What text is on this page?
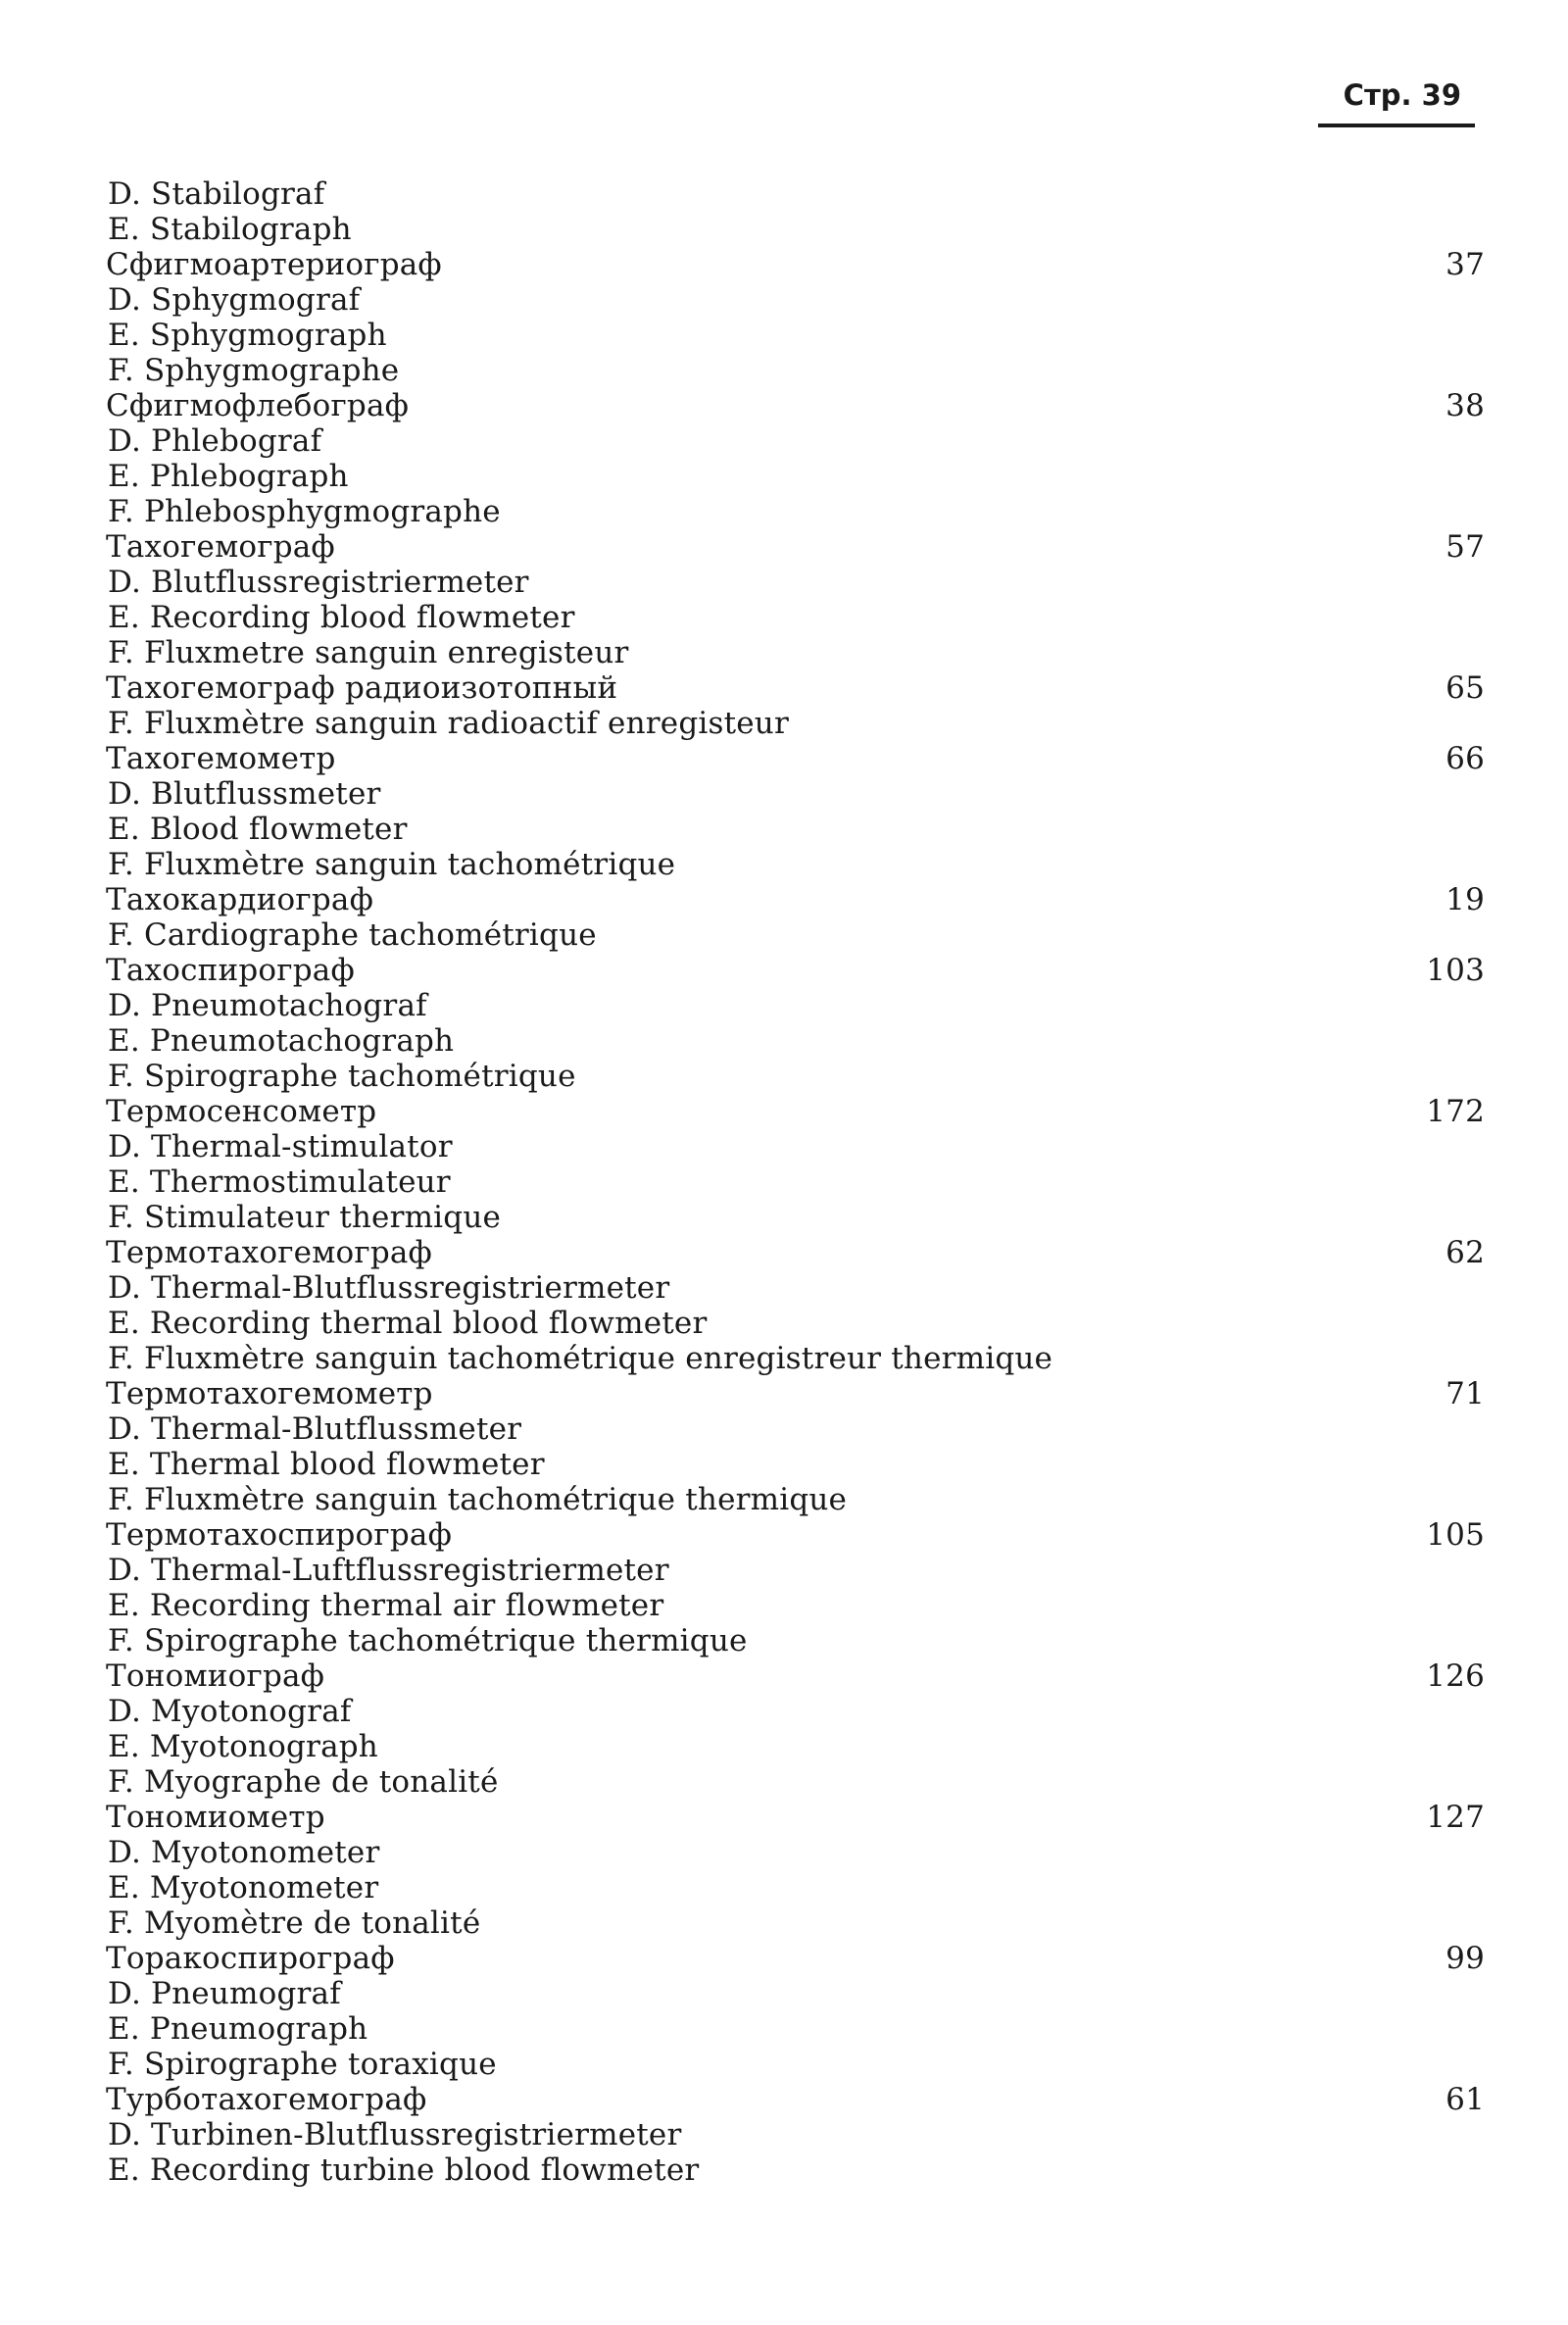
Стр. 39
D. Stabilograf
E. Stabilograph
Сфигмоартериограф	37
D. Sphygmograf
E. Sphygmograph
F. Sphygmographe
Сфигмофлебограф	38
D. Phlebograf
E. Phlebograph
F. Phlebosphygmographe
Тахогемограф	57
D. Blutflussregistriermeter
E. Recording blood flowmeter
F. Fluxmetre sanguin enregisteur
Тахогемограф радиоизотопный	65
F. Fluxmètre sanguin radioactif enregisteur
Тахогемометр	66
D. Blutflussmeter
E. Blood flowmeter
F. Fluxmètre sanguin tachométrique
Тахокардиограф	19
F. Cardiographe tachométrique
Тахоспирограф	103
D. Pneumotachograf
E. Pneumotachograph
F. Spirographe tachométrique
Термосенсометр	172
D. Thermal-stimulator
E. Thermostimulateur
F. Stimulateur thermique
Термотахогемограф	62
D. Thermal-Blutflussregistriermeter
E. Recording thermal blood flowmeter
F. Fluxmètre sanguin tachométrique enregistreur thermique
Термотахогемометр	71
D. Thermal-Blutflussmeter
E. Thermal blood flowmeter
F. Fluxmètre sanguin tachométrique thermique
Термотахоспирограф	105
D. Thermal-Luftflussregistriermeter
E. Recording thermal air flowmeter
F. Spirographe tachométrique thermique
Тономиограф	126
D. Myotonograf
E. Myotonograph
F. Myographe de tonalité
Тономиометр	127
D. Myotonometer
E. Myotonometer
F. Myomètre de tonalité
Торакоспирограф	99
D. Pneumograf
E. Pneumograph
F. Spirographe toraxique
Турботахогемограф	61
D. Turbinen-Blutflussregistriermeter
E. Recording turbine blood flowmeter
